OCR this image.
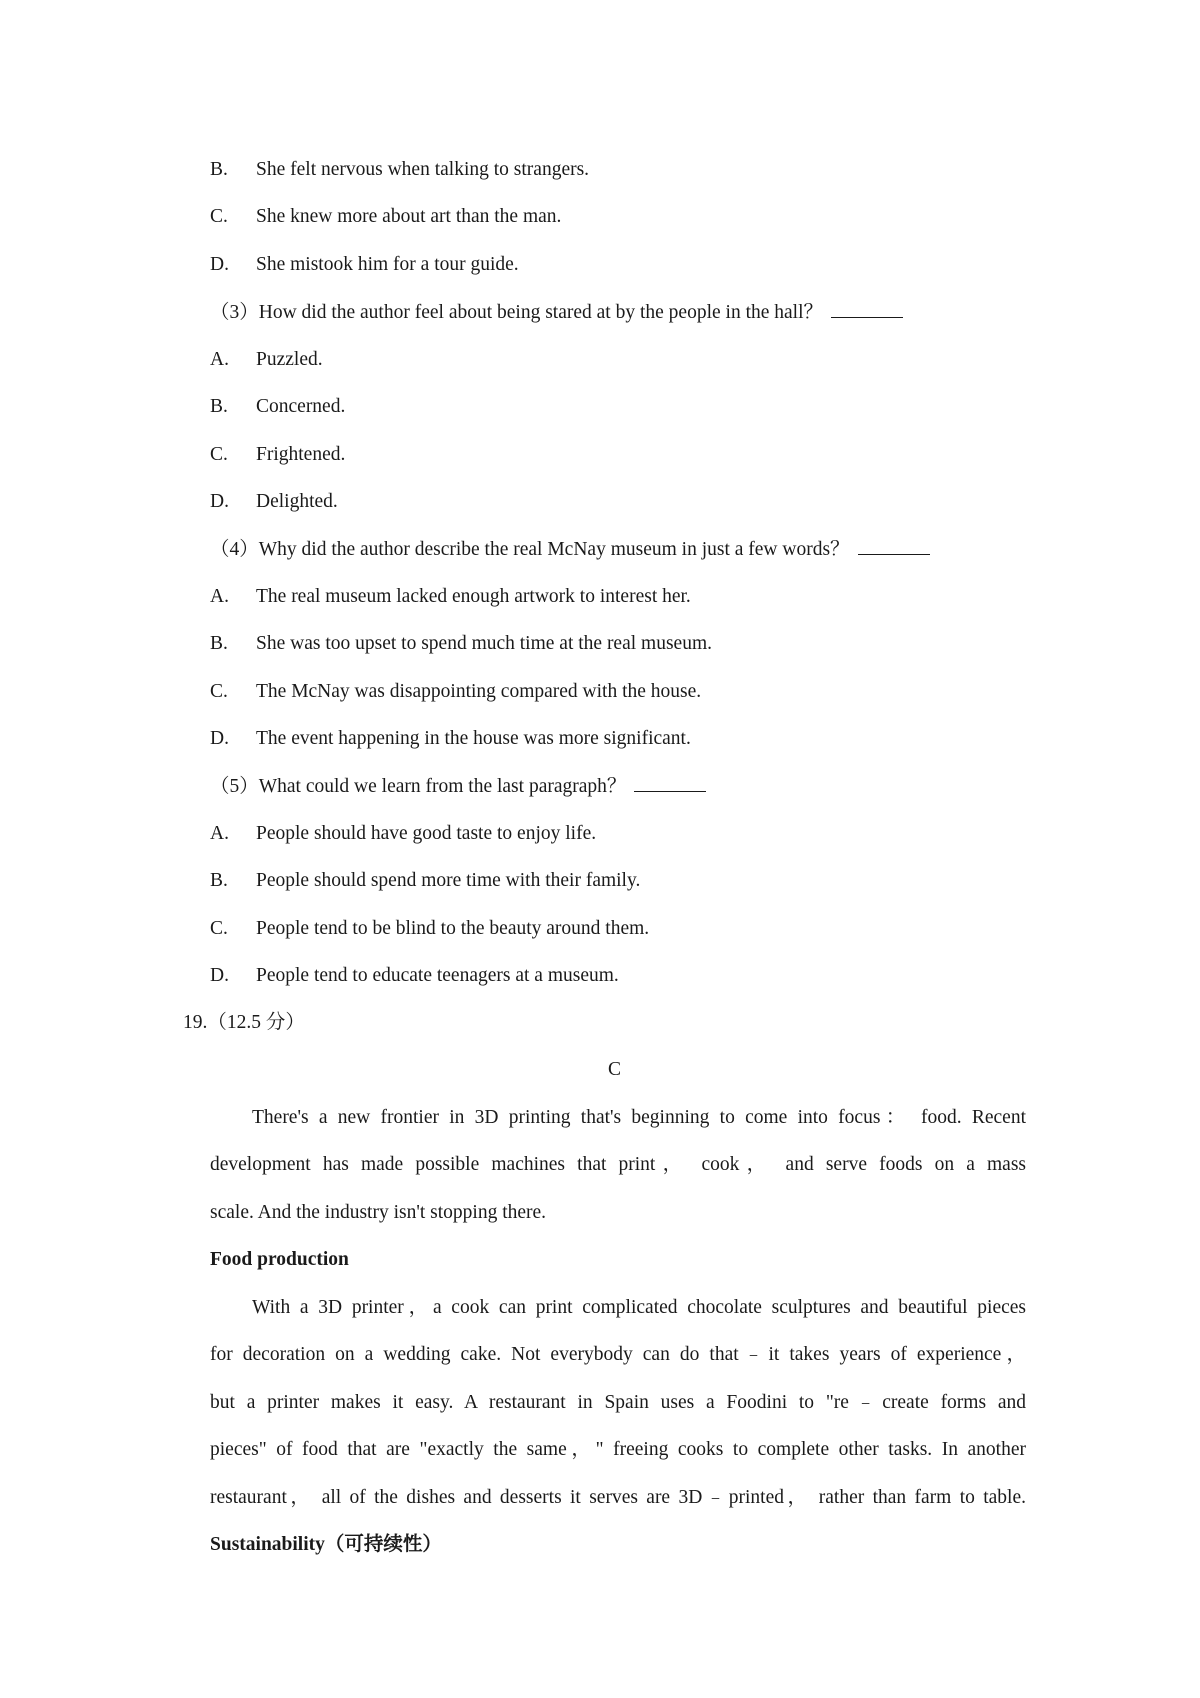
B. She felt nervous when talking to strangers.
C. She knew more about art than the man.
D. She mistook him for a tour guide.
（3）How did the author feel about being stared at by the people in the hall？
A. Puzzled.
B. Concerned.
C. Frightened.
D. Delighted.
（4）Why did the author describe the real McNay museum in just a few words？
A. The real museum lacked enough artwork to interest her.
B. She was too upset to spend much time at the real museum.
C. The McNay was disappointing compared with the house.
D. The event happening in the house was more significant.
（5）What could we learn from the last paragraph？
A. People should have good taste to enjoy life.
B. People should spend more time with their family.
C. People tend to be blind to the beauty around them.
D. People tend to educate teenagers at a museum.
19.（12.5 分）
C
There's a new frontier in 3D printing that's beginning to come into focus： food. Recent
development has made possible machines that print， cook， and serve foods on a mass
scale. And the industry isn't stopping there.
Food production
With a 3D printer，a cook can print complicated chocolate sculptures and beautiful pieces
for decoration on a wedding cake. Not everybody can do that﹣it takes years of experience，
but a printer makes it easy. A restaurant in Spain uses a Foodini to "re﹣create forms and
pieces" of food that are "exactly the same，" freeing cooks to complete other tasks. In another
restaurant， all of the dishes and desserts it serves are 3D﹣printed， rather than farm to table.
Sustainability（可持续性）
